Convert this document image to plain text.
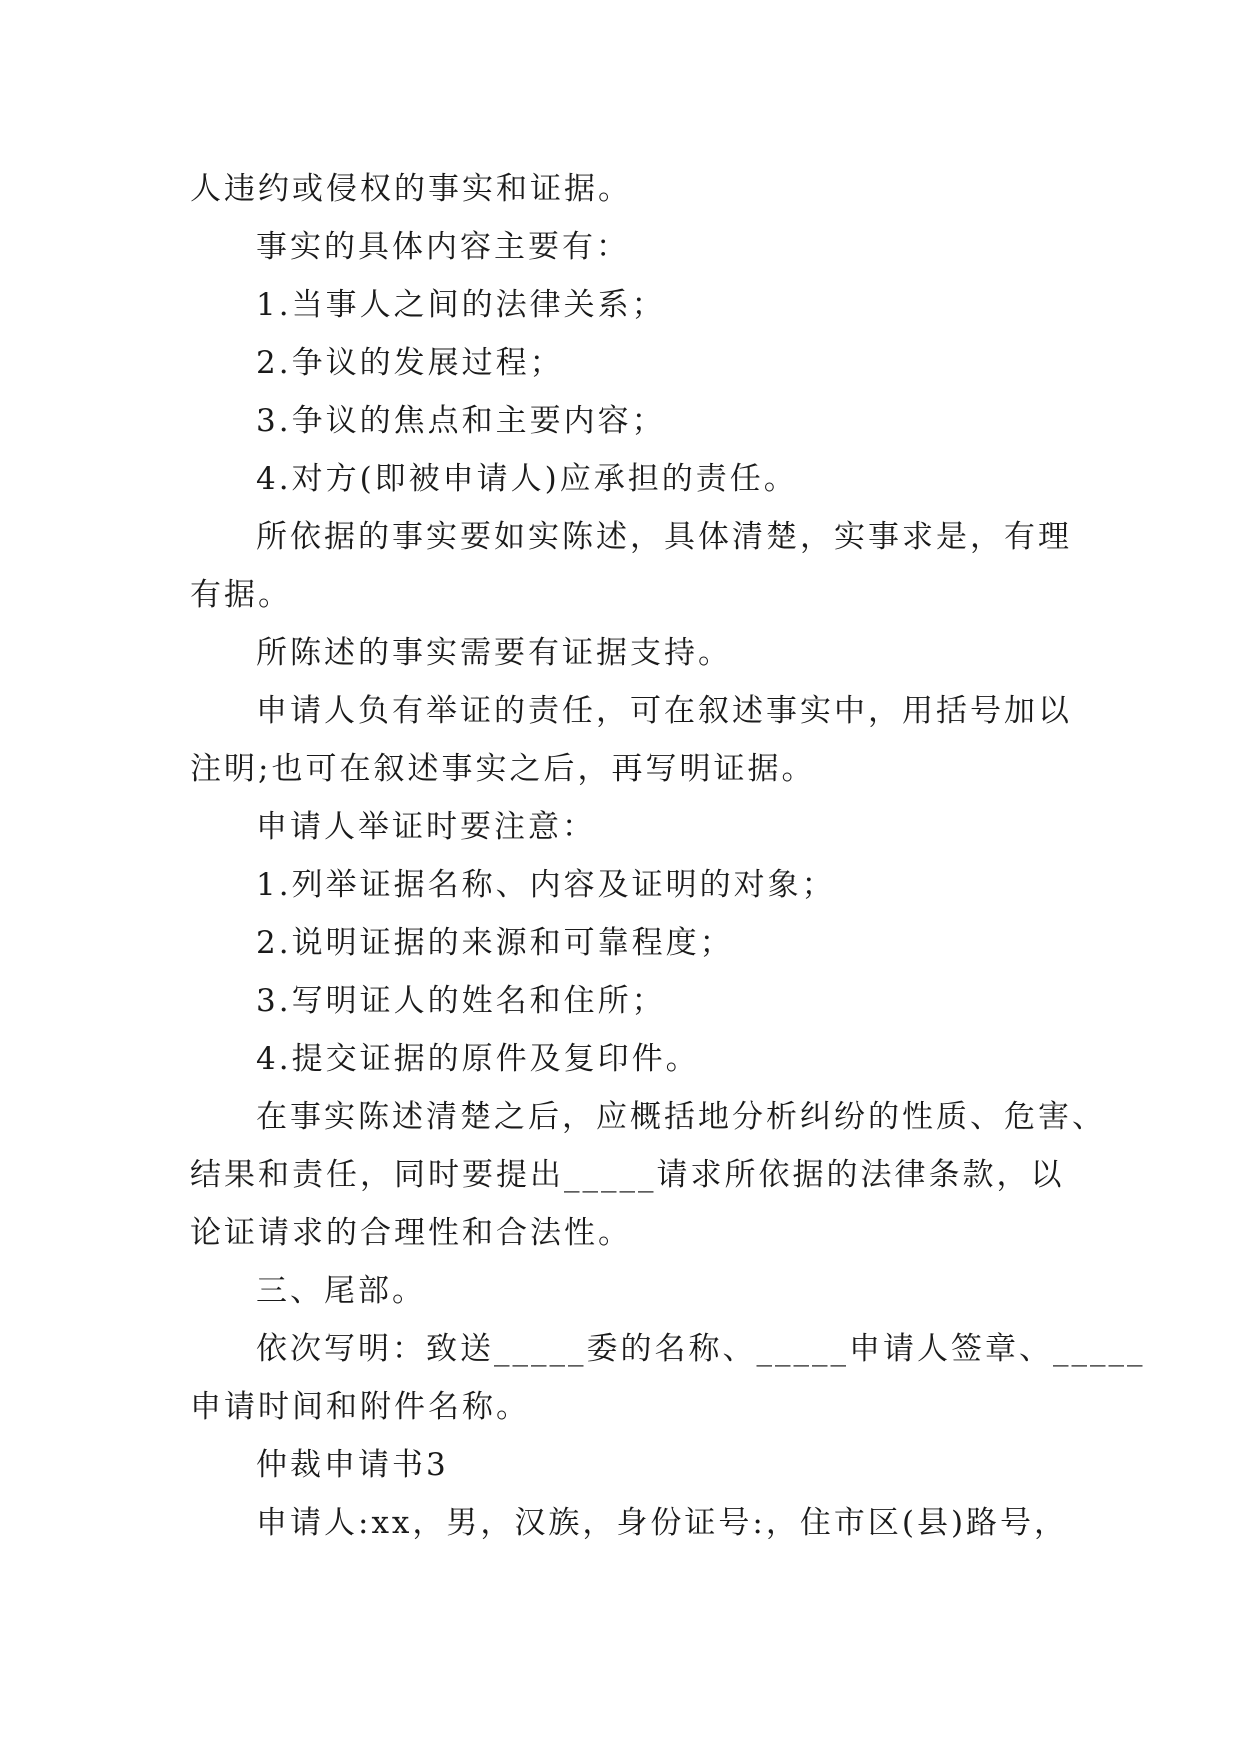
人违约或侵权的事实和证据。

事实的具体内容主要有：

1.当事人之间的法律关系；

2.争议的发展过程；

3.争议的焦点和主要内容；

4.对方(即被申请人)应承担的责任。

所依据的事实要如实陈述，具体清楚，实事求是，有理

有据。

所陈述的事实需要有证据支持。

申请人负有举证的责任，可在叙述事实中，用括号加以

注明;也可在叙述事实之后，再写明证据。

申请人举证时要注意：

1.列举证据名称、内容及证明的对象；

2.说明证据的来源和可靠程度；

3.写明证人的姓名和住所；

4.提交证据的原件及复印件。

在事实陈述清楚之后，应概括地分析纠纷的性质、危害、

结果和责任，同时要提出_____请求所依据的法律条款，以

论证请求的合理性和合法性。

三、尾部。

依次写明：致送_____委的名称、_____申请人签章、_____

申请时间和附件名称。

仲裁申请书3

申请人:xx，男，汉族，身份证号:，住市区(县)路号，
